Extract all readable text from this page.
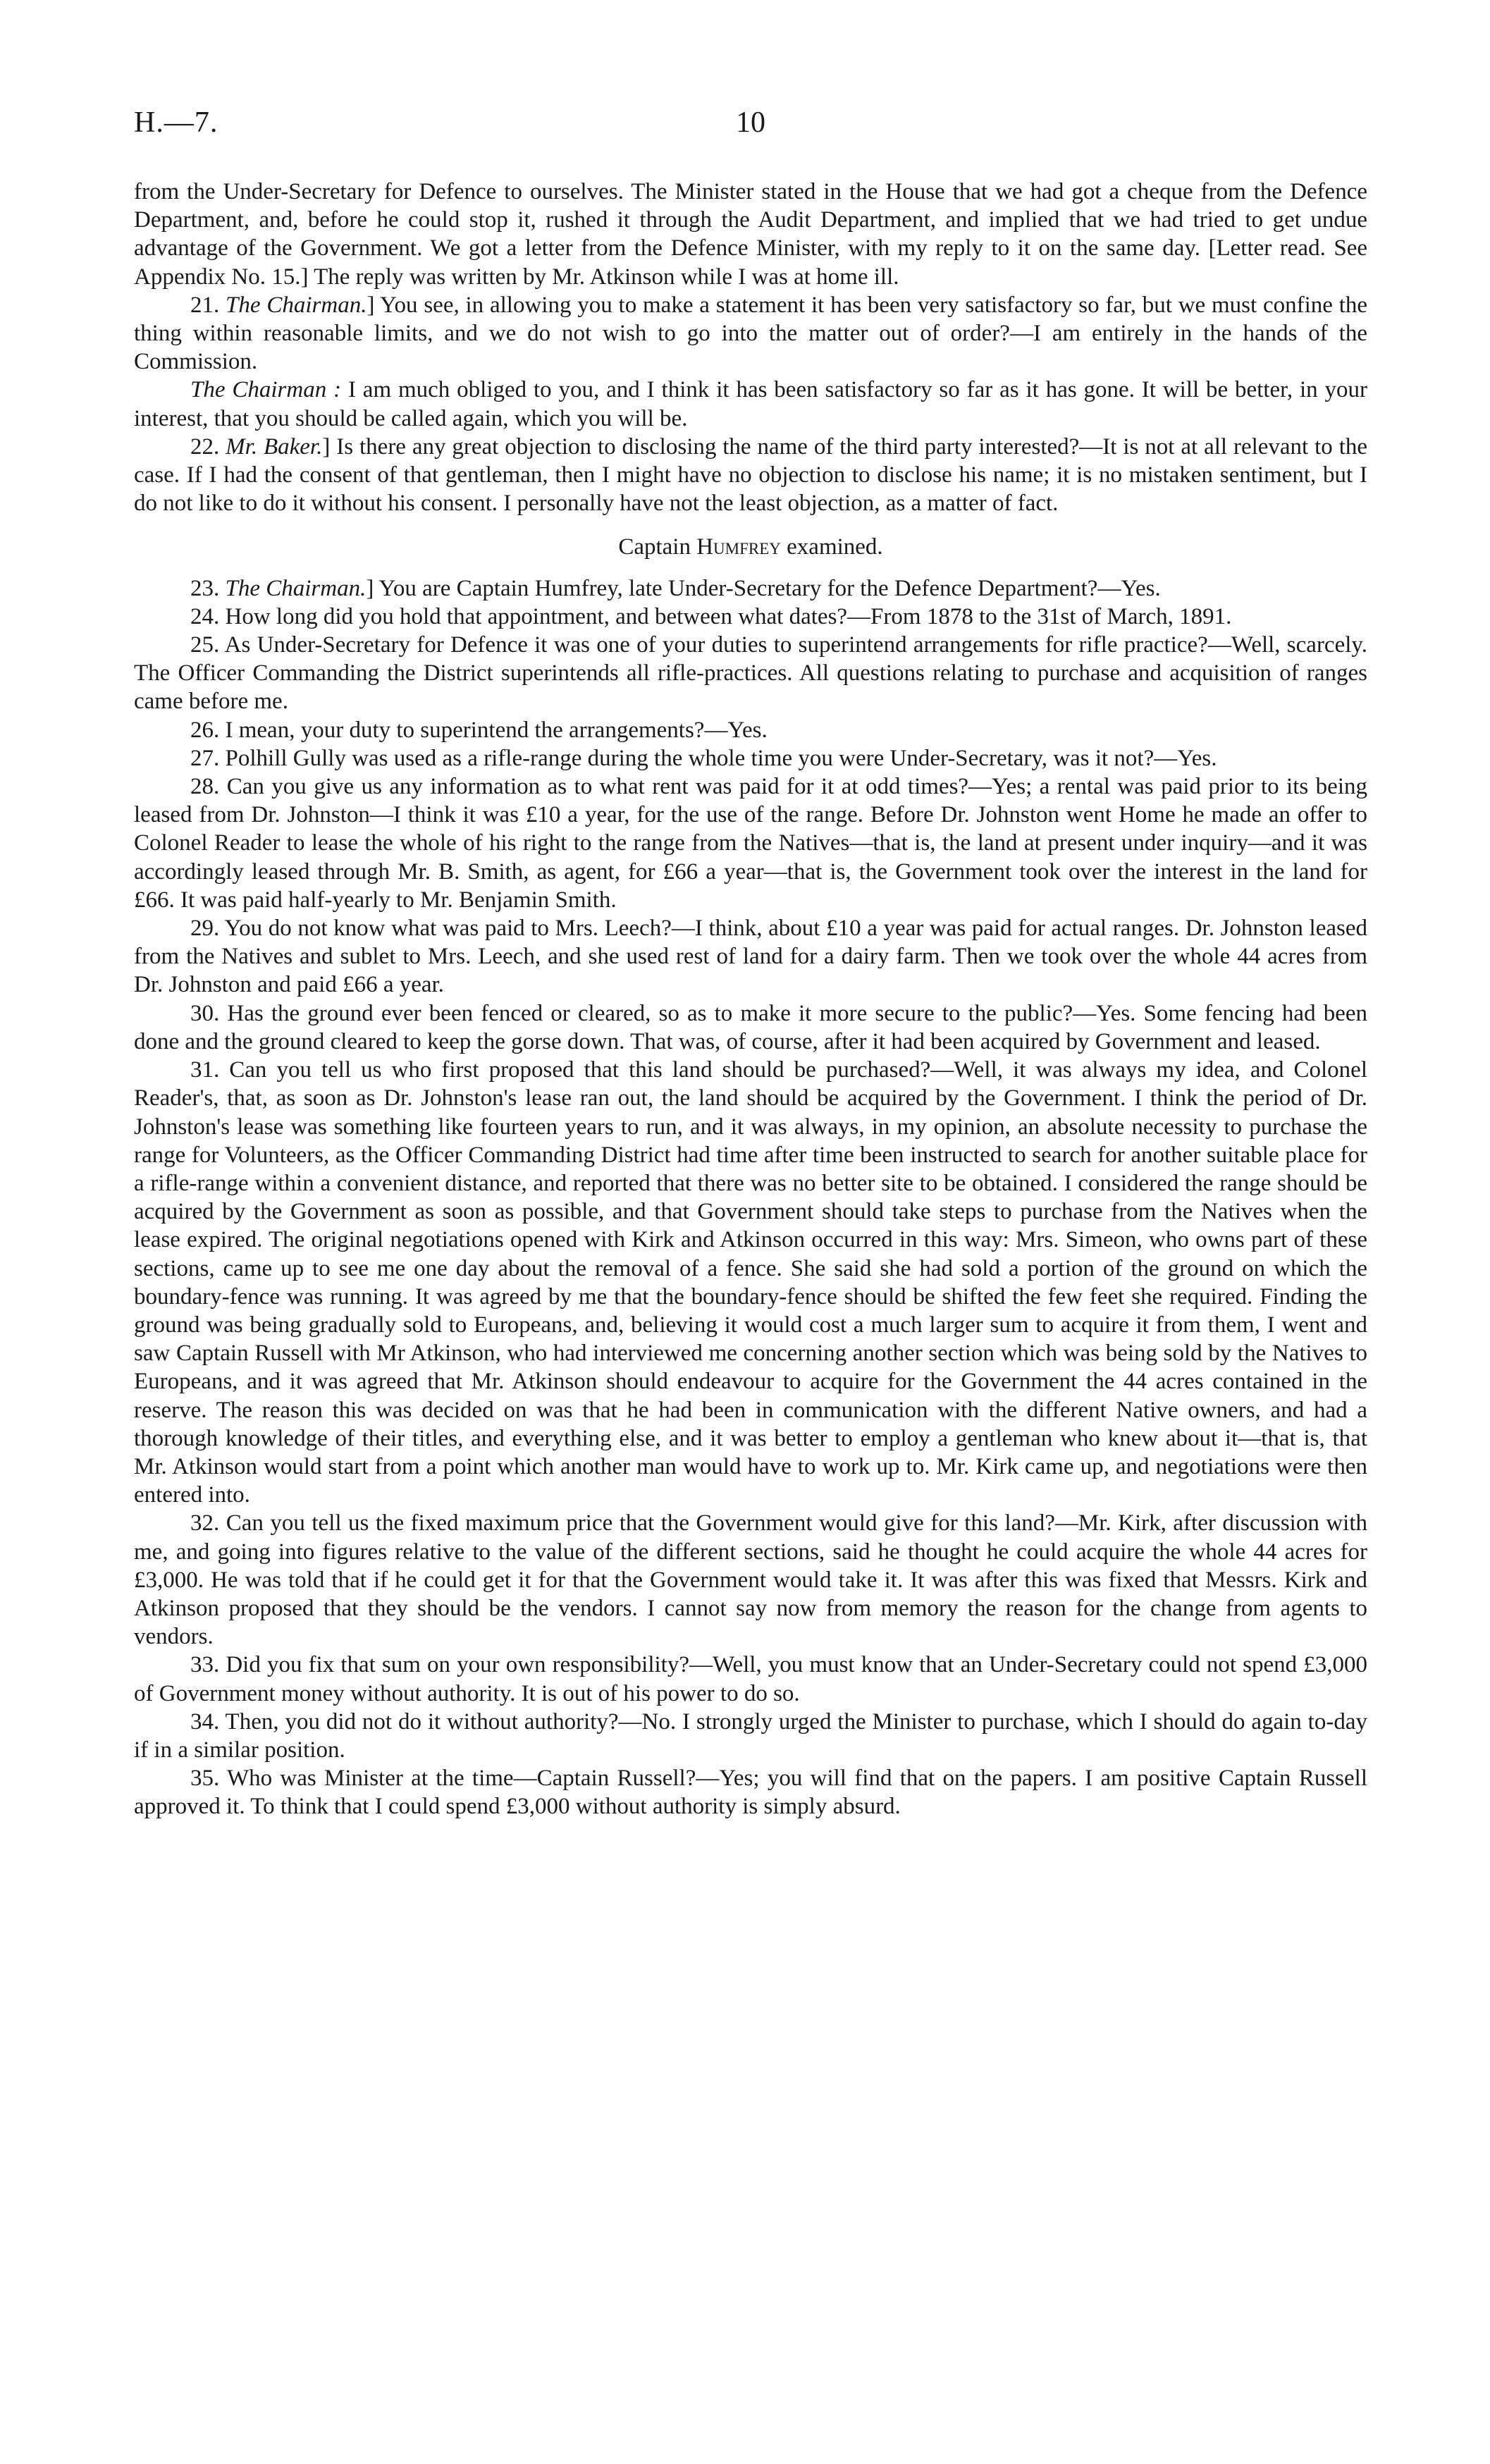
H.—7.	10

from the Under-Secretary for Defence to ourselves. The Minister stated in the House that we had got a cheque from the Defence Department, and, before he could stop it, rushed it through the Audit Department, and implied that we had tried to get undue advantage of the Government. We got a letter from the Defence Minister, with my reply to it on the same day. [Letter read. See Appendix No. 15.] The reply was written by Mr. Atkinson while I was at home ill.

21. The Chairman.] You see, in allowing you to make a statement it has been very satisfactory so far, but we must confine the thing within reasonable limits, and we do not wish to go into the matter out of order?—I am entirely in the hands of the Commission.

The Chairman : I am much obliged to you, and I think it has been satisfactory so far as it has gone. It will be better, in your interest, that you should be called again, which you will be.

22. Mr. Baker.] Is there any great objection to disclosing the name of the third party interested?—It is not at all relevant to the case. If I had the consent of that gentleman, then I might have no objection to disclose his name; it is no mistaken sentiment, but I do not like to do it without his consent. I personally have not the least objection, as a matter of fact.

Captain Humfrey examined.

23. The Chairman.] You are Captain Humfrey, late Under-Secretary for the Defence Department?—Yes.

24. How long did you hold that appointment, and between what dates?—From 1878 to the 31st of March, 1891.

25. As Under-Secretary for Defence it was one of your duties to superintend arrangements for rifle practice?—Well, scarcely. The Officer Commanding the District superintends all rifle-practices. All questions relating to purchase and acquisition of ranges came before me.

26. I mean, your duty to superintend the arrangements?—Yes.

27. Polhill Gully was used as a rifle-range during the whole time you were Under-Secretary, was it not?—Yes.

28. Can you give us any information as to what rent was paid for it at odd times?—Yes; a rental was paid prior to its being leased from Dr. Johnston—I think it was £10 a year, for the use of the range. Before Dr. Johnston went Home he made an offer to Colonel Reader to lease the whole of his right to the range from the Natives—that is, the land at present under inquiry—and it was accordingly leased through Mr. B. Smith, as agent, for £66 a year—that is, the Government took over the interest in the land for £66. It was paid half-yearly to Mr. Benjamin Smith.

29. You do not know what was paid to Mrs. Leech?—I think, about £10 a year was paid for actual ranges. Dr. Johnston leased from the Natives and sublet to Mrs. Leech, and she used rest of land for a dairy farm. Then we took over the whole 44 acres from Dr. Johnston and paid £66 a year.

30. Has the ground ever been fenced or cleared, so as to make it more secure to the public?—Yes. Some fencing had been done and the ground cleared to keep the gorse down. That was, of course, after it had been acquired by Government and leased.

31. Can you tell us who first proposed that this land should be purchased?—Well, it was always my idea, and Colonel Reader's, that, as soon as Dr. Johnston's lease ran out, the land should be acquired by the Government. I think the period of Dr. Johnston's lease was something like fourteen years to run, and it was always, in my opinion, an absolute necessity to purchase the range for Volunteers, as the Officer Commanding District had time after time been instructed to search for another suitable place for a rifle-range within a convenient distance, and reported that there was no better site to be obtained. I considered the range should be acquired by the Government as soon as possible, and that Government should take steps to purchase from the Natives when the lease expired. The original negotiations opened with Kirk and Atkinson occurred in this way: Mrs. Simeon, who owns part of these sections, came up to see me one day about the removal of a fence. She said she had sold a portion of the ground on which the boundary-fence was running. It was agreed by me that the boundary-fence should be shifted the few feet she required. Finding the ground was being gradually sold to Europeans, and, believing it would cost a much larger sum to acquire it from them, I went and saw Captain Russell with Mr Atkinson, who had interviewed me concerning another section which was being sold by the Natives to Europeans, and it was agreed that Mr. Atkinson should endeavour to acquire for the Government the 44 acres contained in the reserve. The reason this was decided on was that he had been in communication with the different Native owners, and had a thorough knowledge of their titles, and everything else, and it was better to employ a gentleman who knew about it—that is, that Mr. Atkinson would start from a point which another man would have to work up to. Mr. Kirk came up, and negotiations were then entered into.

32. Can you tell us the fixed maximum price that the Government would give for this land?—Mr. Kirk, after discussion with me, and going into figures relative to the value of the different sections, said he thought he could acquire the whole 44 acres for £3,000. He was told that if he could get it for that the Government would take it. It was after this was fixed that Messrs. Kirk and Atkinson proposed that they should be the vendors. I cannot say now from memory the reason for the change from agents to vendors.

33. Did you fix that sum on your own responsibility?—Well, you must know that an Under-Secretary could not spend £3,000 of Government money without authority. It is out of his power to do so.

34. Then, you did not do it without authority?—No. I strongly urged the Minister to purchase, which I should do again to-day if in a similar position.

35. Who was Minister at the time—Captain Russell?—Yes; you will find that on the papers. I am positive Captain Russell approved it. To think that I could spend £3,000 without authority is simply absurd.
